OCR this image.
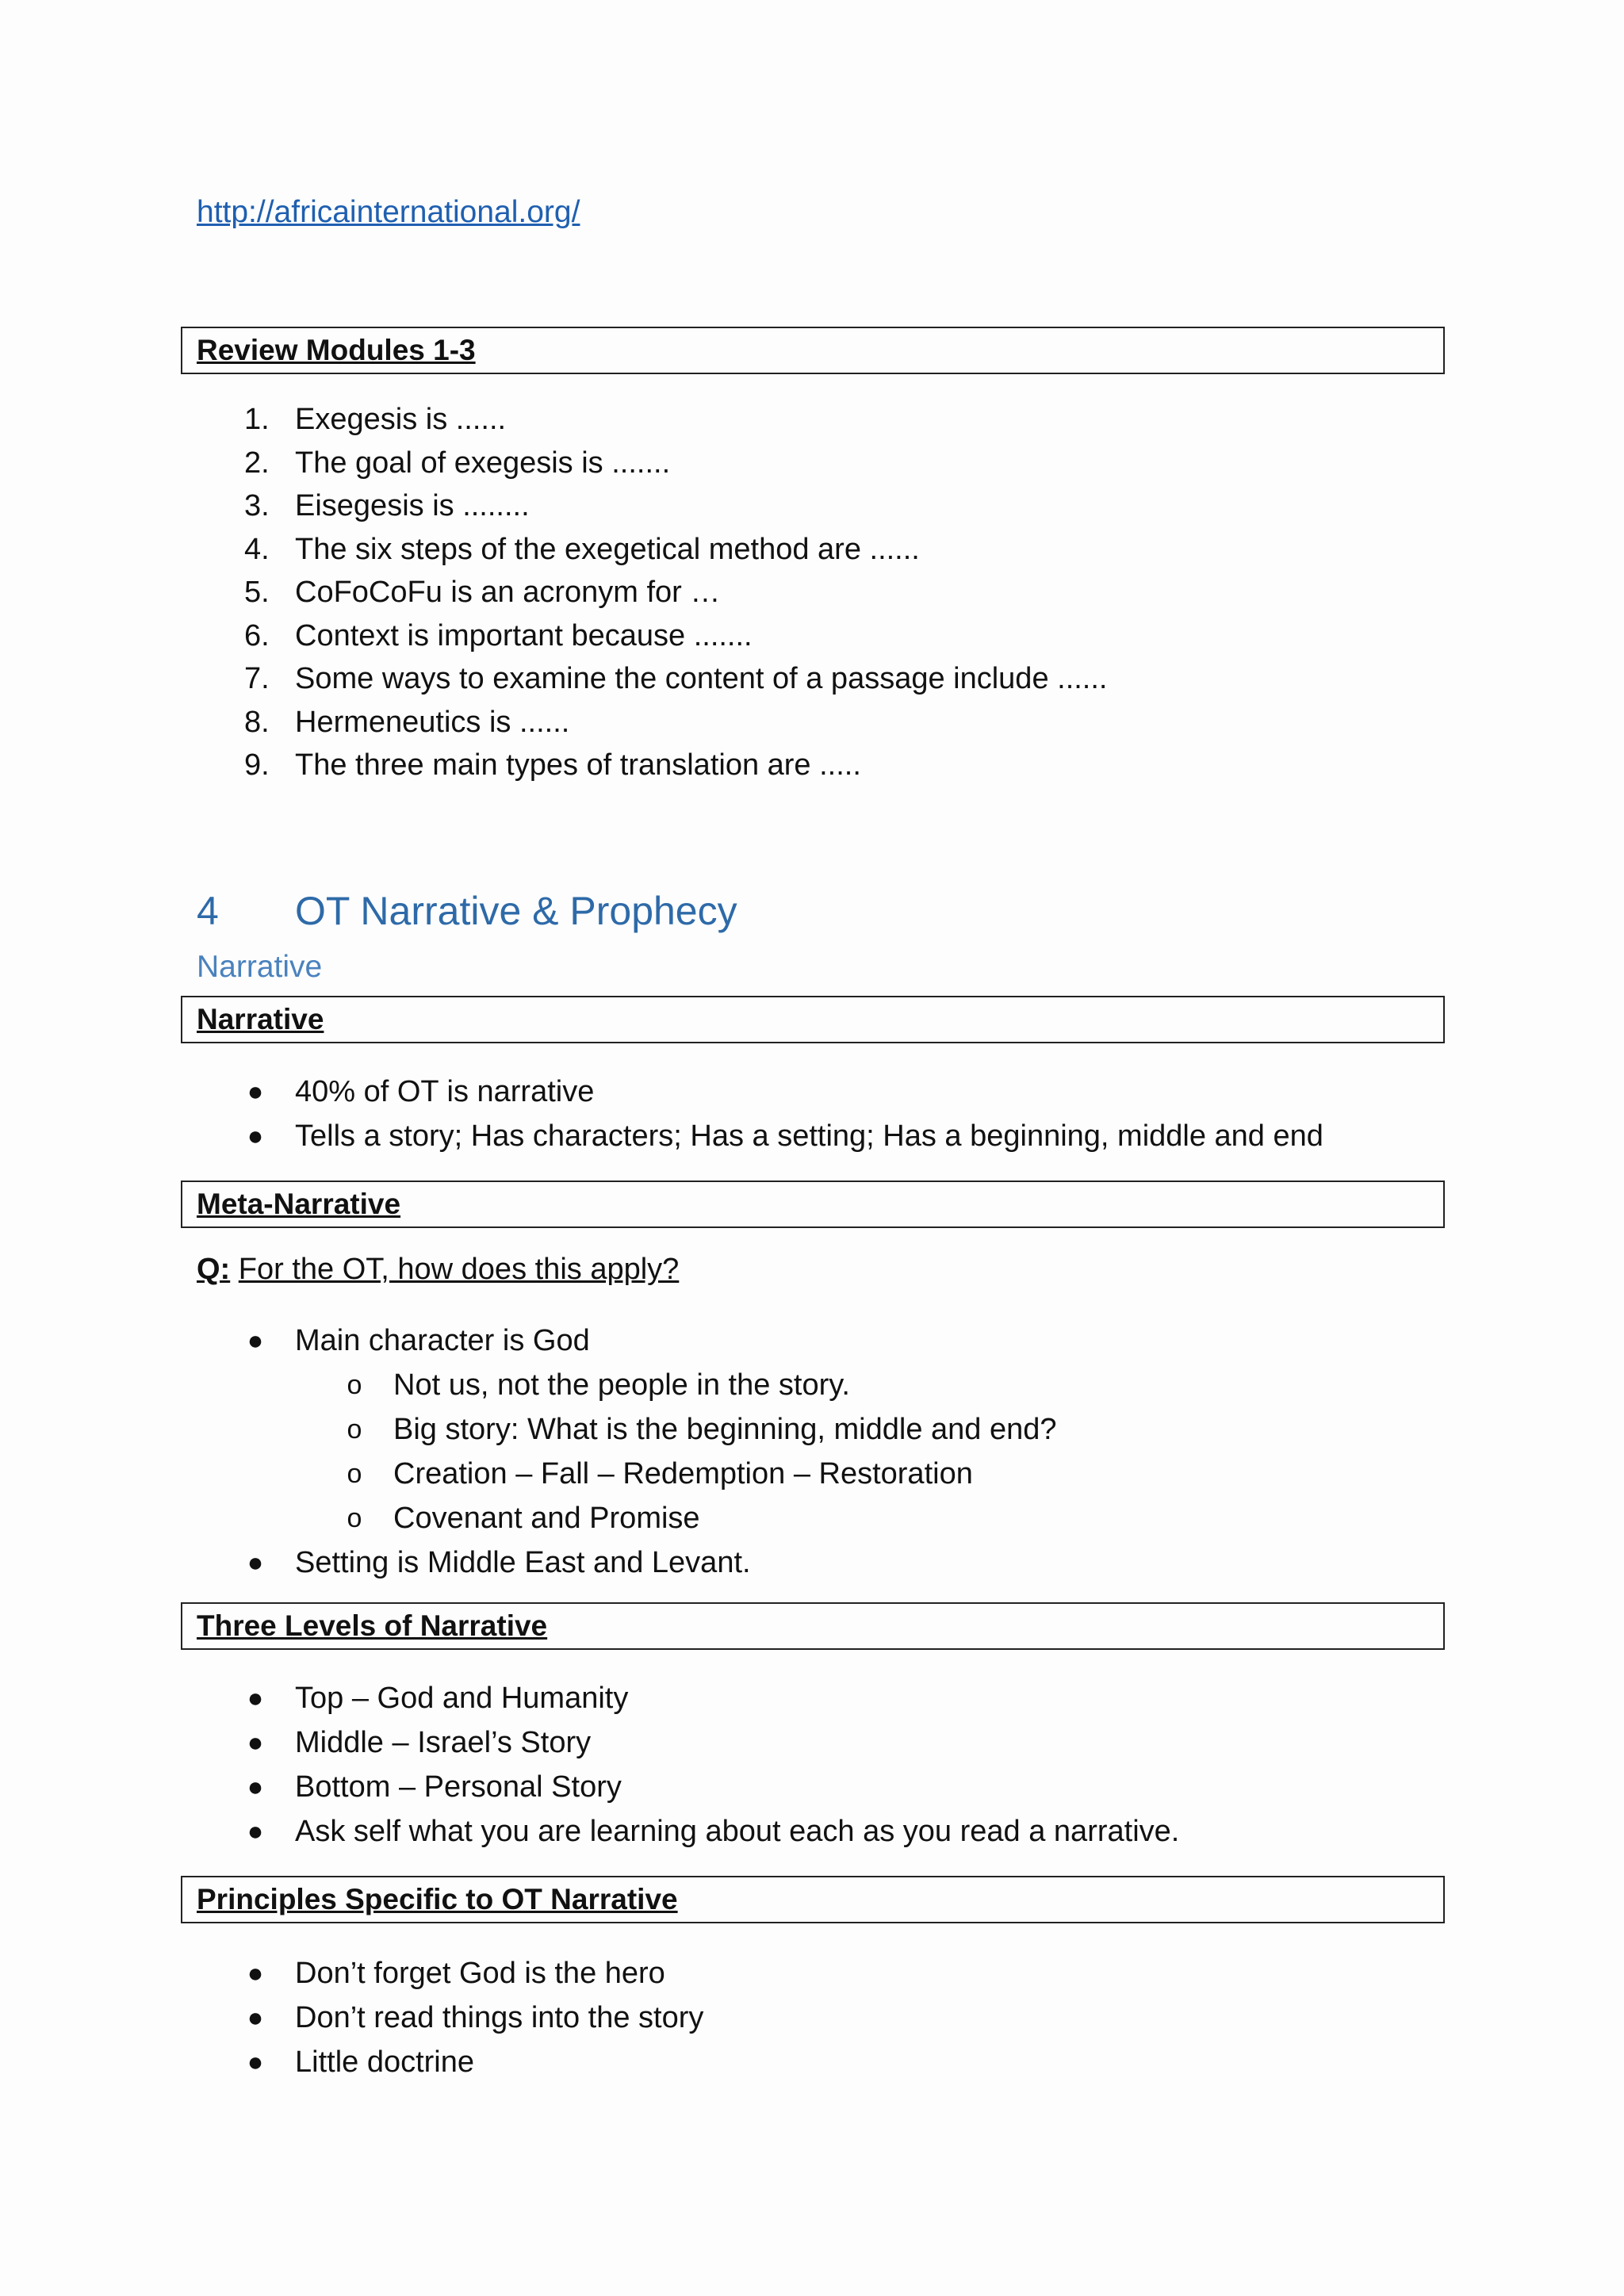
http://africainternational.org/
Review Modules 1-3
1. Exegesis is ......
2. The goal of exegesis is .......
3. Eisegesis is ........
4. The six steps of the exegetical method are ......
5. CoFoCoFu is an acronym for …
6. Context is important because .......
7. Some ways to examine the content of a passage include ......
8. Hermeneutics is ......
9. The three main types of translation are .....
4 OT Narrative & Prophecy
Narrative
Narrative
● 40% of OT is narrative
● Tells a story; Has characters; Has a setting; Has a beginning, middle and end
Meta-Narrative
Q: For the OT, how does this apply?
● Main character is God
o Not us, not the people in the story.
o Big story: What is the beginning, middle and end?
o Creation – Fall – Redemption – Restoration
o Covenant and Promise
● Setting is Middle East and Levant.
Three Levels of Narrative
● Top – God and Humanity
● Middle – Israel’s Story
● Bottom – Personal Story
● Ask self what you are learning about each as you read a narrative.
Principles Specific to OT Narrative
● Don’t forget God is the hero
● Don’t read things into the story
● Little doctrine
